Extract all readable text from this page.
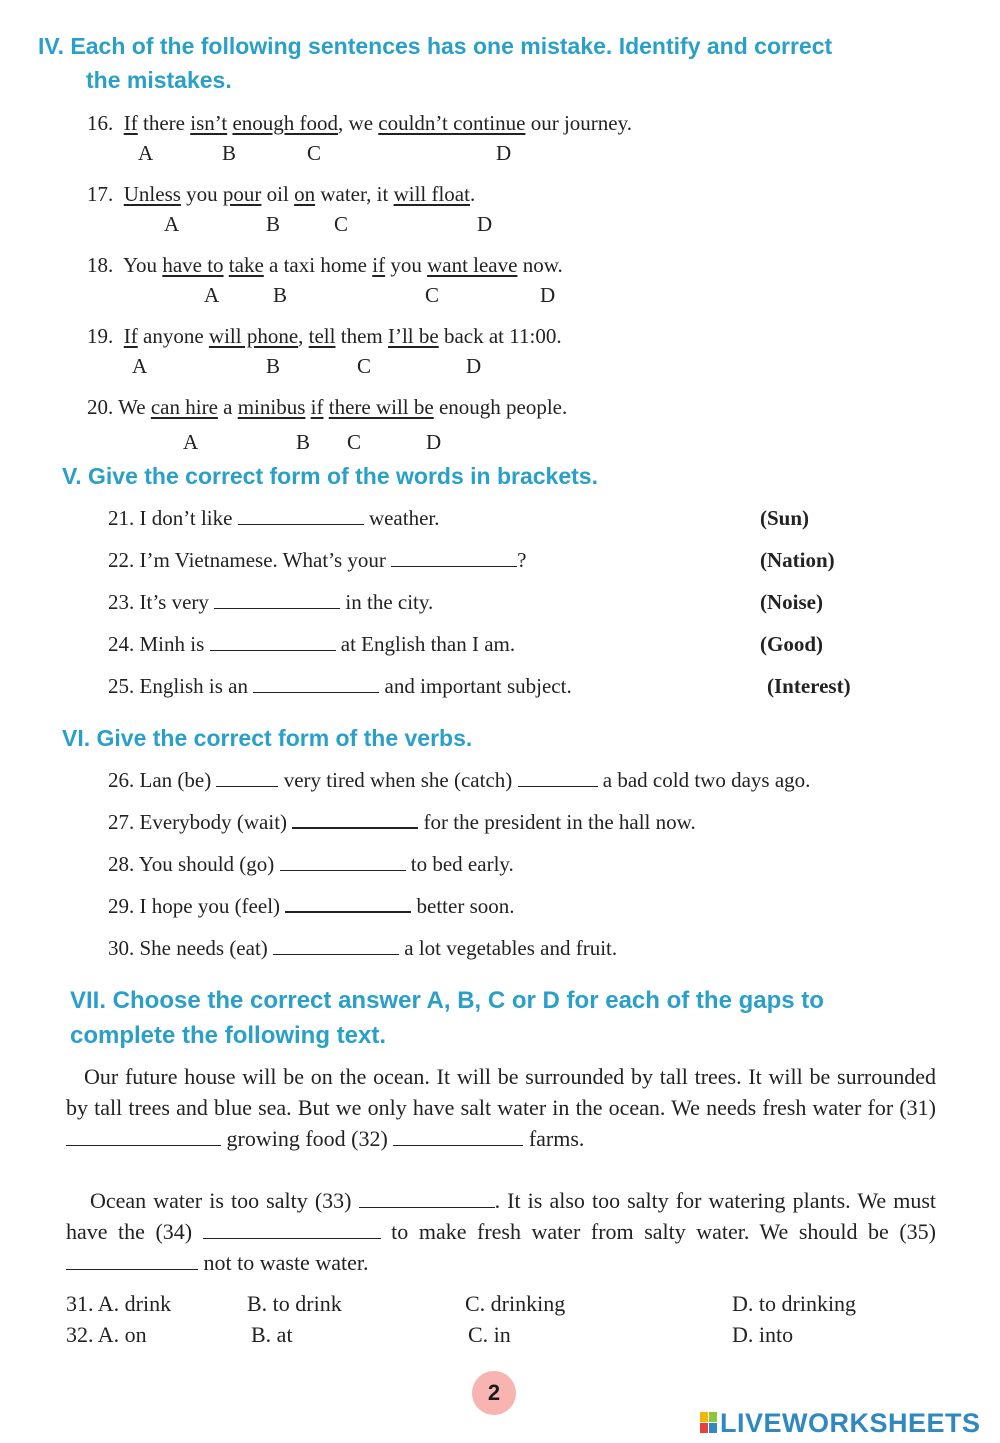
IV. Each of the following sentences has one mistake. Identify and correct
the mistakes.
16. If there isn’t enough food, we couldn’t continue our journey.
A	B	C	D
17. Unless you pour oil on water, it will float.
A	B	C	D
18. You have to take a taxi home if you want leave now.
A	B	C	D
19. If anyone will phone, tell them I’ll be back at 11:00.
A	B	C	D
20. We can hire a minibus if there will be enough people.
A	B C	D
V. Give the correct form of the words in brackets.
21. I don’t like	weather.	(Sun)
22. I’m Vietnamese. What’s your	?	(Nation)
23. It’s very	in the city.	(Noise)
24. Minh is	at English than I am.	(Good)
25. English is an	and important subject.	(Interest)
VI. Give the correct form of the verbs.
26. Lan (be)	very tired when she (catch)	a bad cold two days ago.
27. Everybody (wait)	for the president in the hall now.
28. You should (go)	to bed early.
29. I hope you (feel)	better soon.
30. She needs (eat)	a lot vegetables and fruit.
VII. Choose the correct answer A, B, C or D for each of the gaps to
complete the following text.
Our future house will be on the ocean. It will be surrounded by tall trees. It will be surrounded by tall trees and blue sea. But we only have salt water in the ocean. We needs fresh water for (31)  growing food (32)	farms.
Ocean water is too salty (33)	. It is also too salty for watering plants. We must have the (34)	to make fresh water from salty water. We should be (35)  not to waste water.
31. A. drink	B. to drink	C. drinking	D. to drinking
32. A. on	B. at	C. in	D. into
2
LIVEWORKSHEETS
